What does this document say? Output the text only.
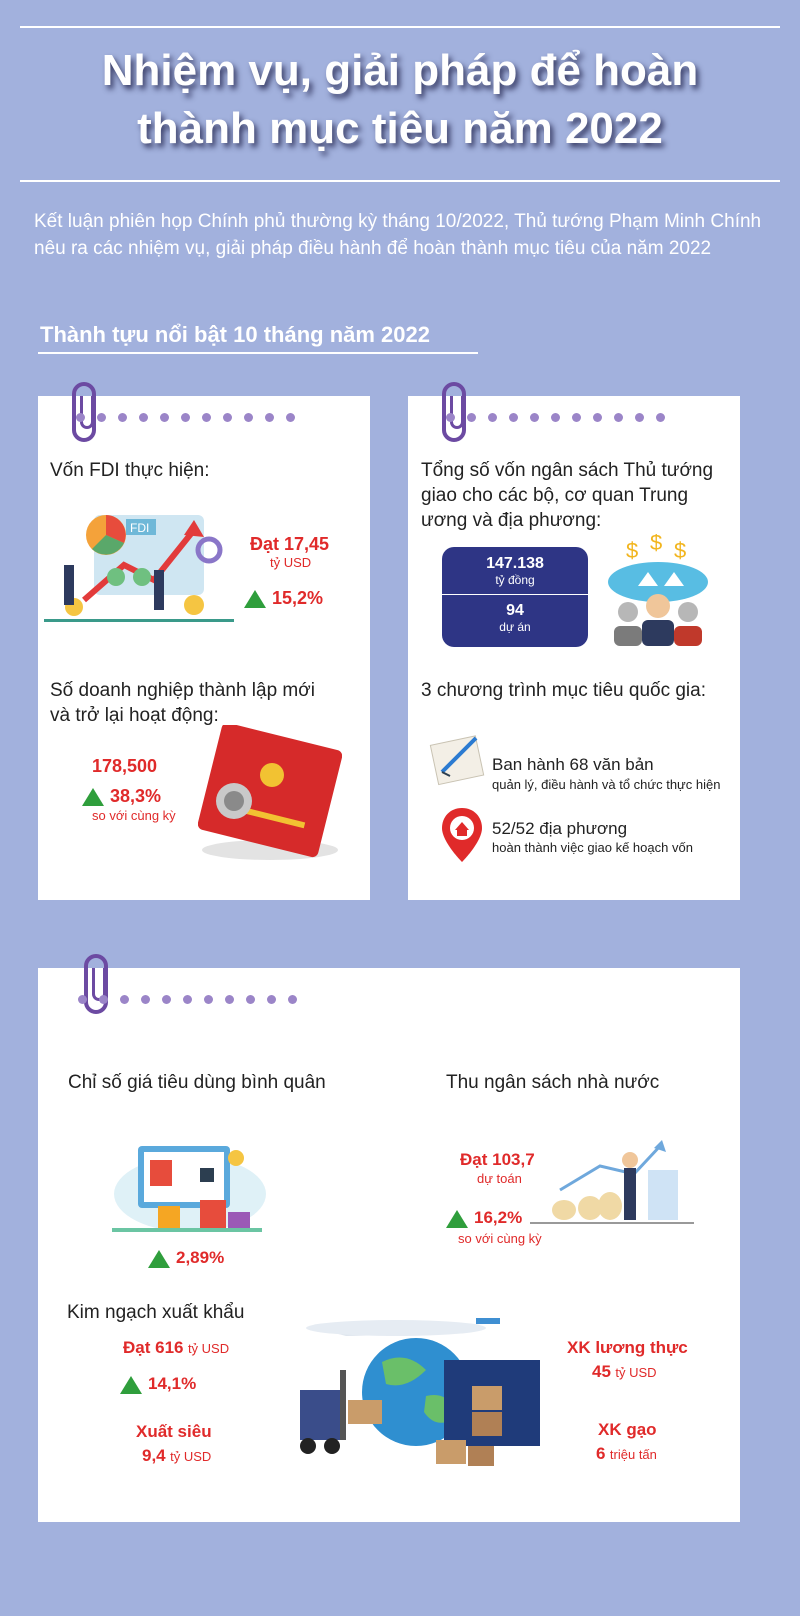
Nhiệm vụ, giải pháp để hoàn
thành mục tiêu năm 2022
Kết luận phiên họp Chính phủ thường kỳ tháng 10/2022, Thủ tướng Phạm Minh Chính nêu ra các nhiệm vụ, giải pháp điều hành để hoàn thành mục tiêu của năm 2022
Thành tựu nổi bật 10 tháng năm 2022
Vốn FDI thực hiện:
FDI
Đạt 17,45
tỷ USD
15,2%
Số doanh nghiệp thành lập mới
và trở lại hoạt động:
178,500
38,3%
so với cùng kỳ
Tổng số vốn ngân sách Thủ tướng
giao cho các bộ, cơ quan Trung
ương và địa phương:
147.138
tỷ đồng
94
dự án
$ $ $
3 chương trình mục tiêu quốc gia:
Ban hành 68 văn bản
quản lý, điều hành và tổ chức thực hiện
52/52 địa phương
hoàn thành việc giao kế hoạch vốn
Chỉ số giá tiêu dùng bình quân
2,89%
Thu ngân sách nhà nước
Đạt 103,7
dự toán
16,2%
so với cùng kỳ
Kim ngạch xuất khẩu
Đạt 616 tỷ USD
14,1%
Xuất siêu
9,4 tỷ USD
XK lương thực
45 tỷ USD
XK gạo
6 triệu tấn
